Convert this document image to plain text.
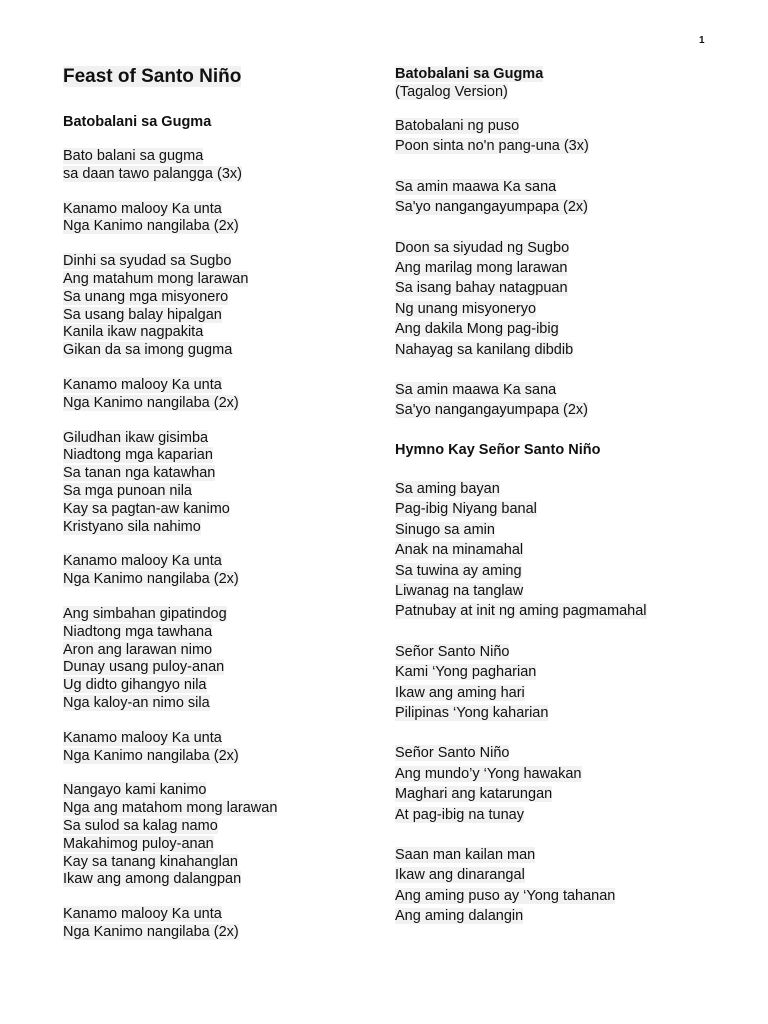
1
Feast of Santo Niño
Batobalani sa Gugma
Bato balani sa gugma
sa daan tawo palangga (3x)
Kanamo malooy Ka unta
Nga Kanimo nangilaba (2x)
Dinhi sa syudad sa Sugbo
Ang matahum mong larawan
Sa unang mga misyonero
Sa usang balay hipalgan
Kanila ikaw nagpakita
Gikan da sa imong gugma
Kanamo malooy Ka unta
Nga Kanimo nangilaba (2x)
Giludhan ikaw gisimba
Niadtong mga kaparian
Sa tanan nga katawhan
Sa mga punoan nila
Kay sa pagtan-aw kanimo
Kristyano sila nahimo
Kanamo malooy Ka unta
Nga Kanimo nangilaba (2x)
Ang simbahan gipatindog
Niadtong mga tawhana
Aron ang larawan nimo
Dunay usang puloy-anan
Ug didto gihangyo nila
Nga kaloy-an nimo sila
Kanamo malooy Ka unta
Nga Kanimo nangilaba (2x)
Nangayo kami kanimo
Nga ang matahom mong larawan
Sa sulod sa kalag namo
Makahimog puloy-anan
Kay sa tanang kinahanglan
Ikaw ang among dalangpan
Kanamo malooy Ka unta
Nga Kanimo nangilaba (2x)
Batobalani sa Gugma
(Tagalog Version)
Batobalani ng puso
Poon sinta no'n pang-una (3x)
Sa amin maawa Ka sana
Sa'yo nangangayumpapa (2x)
Doon sa siyudad ng Sugbo
Ang marilag mong larawan
Sa isang bahay natagpuan
Ng unang misyoneryo
Ang dakila Mong pag-ibig
Nahayag sa kanilang dibdib
Sa amin maawa Ka sana
Sa'yo nangangayumpapa (2x)
Hymno Kay Señor Santo Niño
Sa aming bayan
Pag-ibig Niyang banal
Sinugo sa amin
Anak na minamahal
Sa tuwina ay aming
Liwanag na tanglaw
Patnubay at init ng aming pagmamahal
Señor Santo Niño
Kami ‘Yong pagharian
Ikaw ang aming hari
Pilipinas ‘Yong kaharian
Señor Santo Niño
Ang mundo’y ‘Yong hawakan
Maghari ang katarungan
At pag-ibig na tunay
Saan man kailan man
Ikaw ang dinarangal
Ang aming puso ay ‘Yong tahanan
Ang aming dalangin
